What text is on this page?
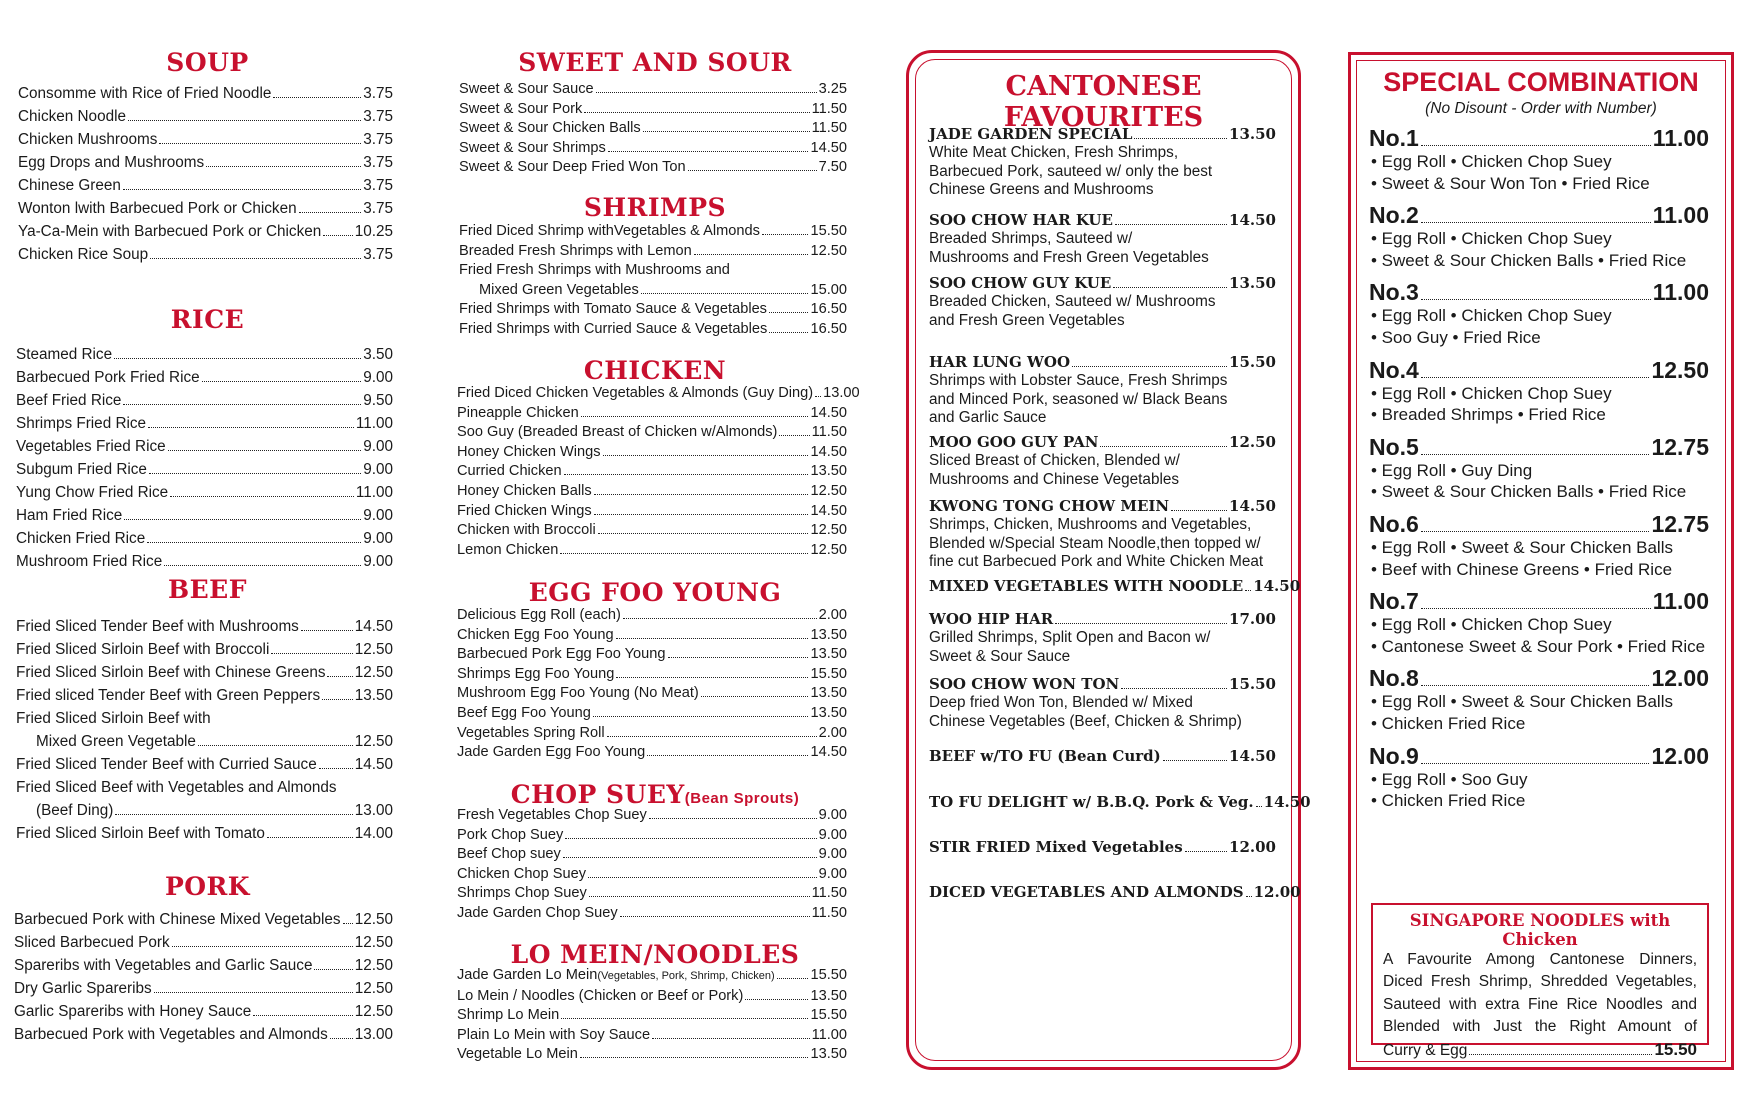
SOUP
Consomme with Rice of Fried Noodle	3.75
Chicken Noodle	3.75
Chicken Mushrooms	3.75
Egg Drops and Mushrooms	3.75
Chinese Green	3.75
Wonton lwith Barbecued Pork or Chicken	3.75
Ya-Ca-Mein with Barbecued Pork or Chicken 10.25
Chicken Rice Soup	3.75
RICE
Steamed Rice	3.50
Barbecued Pork Fried Rice	9.00
Beef Fried Rice	9.50
Shrimps Fried Rice	11.00
Vegetables Fried Rice	9.00
Subgum Fried Rice	9.00
Yung Chow Fried Rice	11.00
Ham Fried Rice	9.00
Chicken Fried Rice	9.00
Mushroom Fried Rice	9.00
BEEF
Fried Sliced Tender Beef with Mushrooms	14.50
Fried Sliced Sirloin Beef with Broccoli	12.50
Fried Sliced Sirloin Beef with Chinese Greens 12.50
Fried sliced Tender Beef with Green Peppers 13.50
Fried Sliced Sirloin Beef with
Mixed Green Vegetable	12.50
Fried Sliced Tender Beef with Curried Sauce 14.50
Fried Sliced Beef with Vegetables and Almonds
(Beef Ding)	13.00
Fried Sliced Sirloin Beef with Tomato	14.00
PORK
Barbecued Pork with Chinese Mixed Vegetables 12.50
Sliced Barbecued Pork	12.50
Spareribs with Vegetables and Garlic Sauce	12.50
Dry Garlic Spareribs	12.50
Garlic Spareribs with Honey Sauce	12.50
Barbecued Pork with Vegetables and Almonds 13.00
SWEET AND SOUR
Sweet & Sour Sauce	3.25
Sweet & Sour Pork	11.50
Sweet & Sour Chicken Balls	11.50
Sweet & Sour Shrimps	14.50
Sweet & Sour Deep Fried Won Ton	7.50
SHRIMPS
Fried Diced Shrimp withVegetables & Almonds	15.50
Breaded Fresh Shrimps with Lemon	12.50
Fried Fresh Shrimps with Mushrooms and
Mixed Green Vegetables	15.00
Fried Shrimps with Tomato Sauce & Vegetables	16.50
Fried Shrimps with Curried Sauce & Vegetables	16.50
CHICKEN
Fried Diced Chicken Vegetables & Almonds (Guy Ding) 13.00
Pineapple Chicken	14.50
Soo Guy (Breaded Breast of Chicken w/Almonds) 11.50
Honey Chicken Wings	14.50
Curried Chicken	13.50
Honey Chicken Balls	12.50
Fried Chicken Wings	14.50
Chicken with Broccoli	12.50
Lemon Chicken	12.50
EGG FOO YOUNG
Delicious Egg Roll (each)	2.00
Chicken Egg Foo Young	13.50
Barbecued Pork Egg Foo Young	13.50
Shrimps Egg Foo Young	15.50
Mushroom Egg Foo Young (No Meat)	13.50
Beef Egg Foo Young	13.50
Vegetables Spring Roll	2.00
Jade Garden Egg Foo Young	14.50
CHOP SUEY(Bean Sprouts)
Fresh Vegetables Chop Suey	9.00
Pork Chop Suey	9.00
Beef Chop suey	9.00
Chicken Chop Suey	9.00
Shrimps Chop Suey	11.50
Jade Garden Chop Suey	11.50
LO MEIN/NOODLES
Jade Garden Lo Mein (Vegetables, Pork, Shrimp, Chicken) 15.50
Lo Mein / Noodles (Chicken or Beef or Pork)	13.50
Shrimp Lo Mein	15.50
Plain Lo Mein with Soy Sauce	11.00
Vegetable Lo Mein	13.50
CANTONESE FAVOURITES
JADE GARDEN SPECIAL	13.50
White Meat Chicken, Fresh Shrimps,
Barbecued Pork, sauteed w/ only the best
Chinese Greens and Mushrooms
SOO CHOW HAR KUE	14.50
Breaded Shrimps, Sauteed w/
Mushrooms and Fresh Green Vegetables
SOO CHOW GUY KUE	13.50
Breaded Chicken, Sauteed w/ Mushrooms
and Fresh Green Vegetables
HAR LUNG WOO	15.50
Shrimps with Lobster Sauce, Fresh Shrimps
and Minced Pork, seasoned w/ Black Beans
and Garlic Sauce
MOO GOO GUY PAN	12.50
Sliced Breast of Chicken, Blended w/
Mushrooms and Chinese Vegetables
KWONG TONG CHOW MEIN	14.50
Shrimps, Chicken, Mushrooms and Vegetables,
Blended w/Special Steam Noodle,then topped w/
fine cut Barbecued Pork and White Chicken Meat
MIXED VEGETABLES WITH NOODLE 14.50
WOO HIP HAR	17.00
Grilled Shrimps, Split Open and Bacon w/
Sweet & Sour Sauce
SOO CHOW WON TON	15.50
Deep fried Won Ton, Blended w/ Mixed
Chinese Vegetables (Beef, Chicken & Shrimp)
BEEF w/TO FU (Bean Curd)	14.50
TO FU DELIGHT w/ B.B.Q. Pork & Veg. 14.50
STIR FRIED Mixed Vegetables	12.00
DICED VEGETABLES AND ALMONDS 12.00
SPECIAL COMBINATION
(No Disount - Order with Number)
No.1	11.00
• Egg Roll • Chicken Chop Suey
• Sweet & Sour Won Ton • Fried Rice
No.2	11.00
• Egg Roll • Chicken Chop Suey
• Sweet & Sour Chicken Balls • Fried Rice
No.3	11.00
• Egg Roll • Chicken Chop Suey
• Soo Guy • Fried Rice
No.4	12.50
• Egg Roll • Chicken Chop Suey
• Breaded Shrimps • Fried Rice
No.5	12.75
• Egg Roll • Guy Ding
• Sweet & Sour Chicken Balls • Fried Rice
No.6	12.75
• Egg Roll • Sweet & Sour Chicken Balls
• Beef with Chinese Greens • Fried Rice
No.7	11.00
• Egg Roll • Chicken Chop Suey
• Cantonese Sweet & Sour Pork • Fried Rice
No.8	12.00
• Egg Roll • Sweet & Sour Chicken Balls
• Chicken Fried Rice
No.9	12.00
• Egg Roll • Soo Guy
• Chicken Fried Rice
SINGAPORE NOODLES with Chicken
A Favourite Among Cantonese Dinners,
Diced Fresh Shrimp, Shredded Vegetables,
Sauteed with extra Fine Rice Noodles and
Blended with Just the Right Amount of
Curry & Egg	15.50
